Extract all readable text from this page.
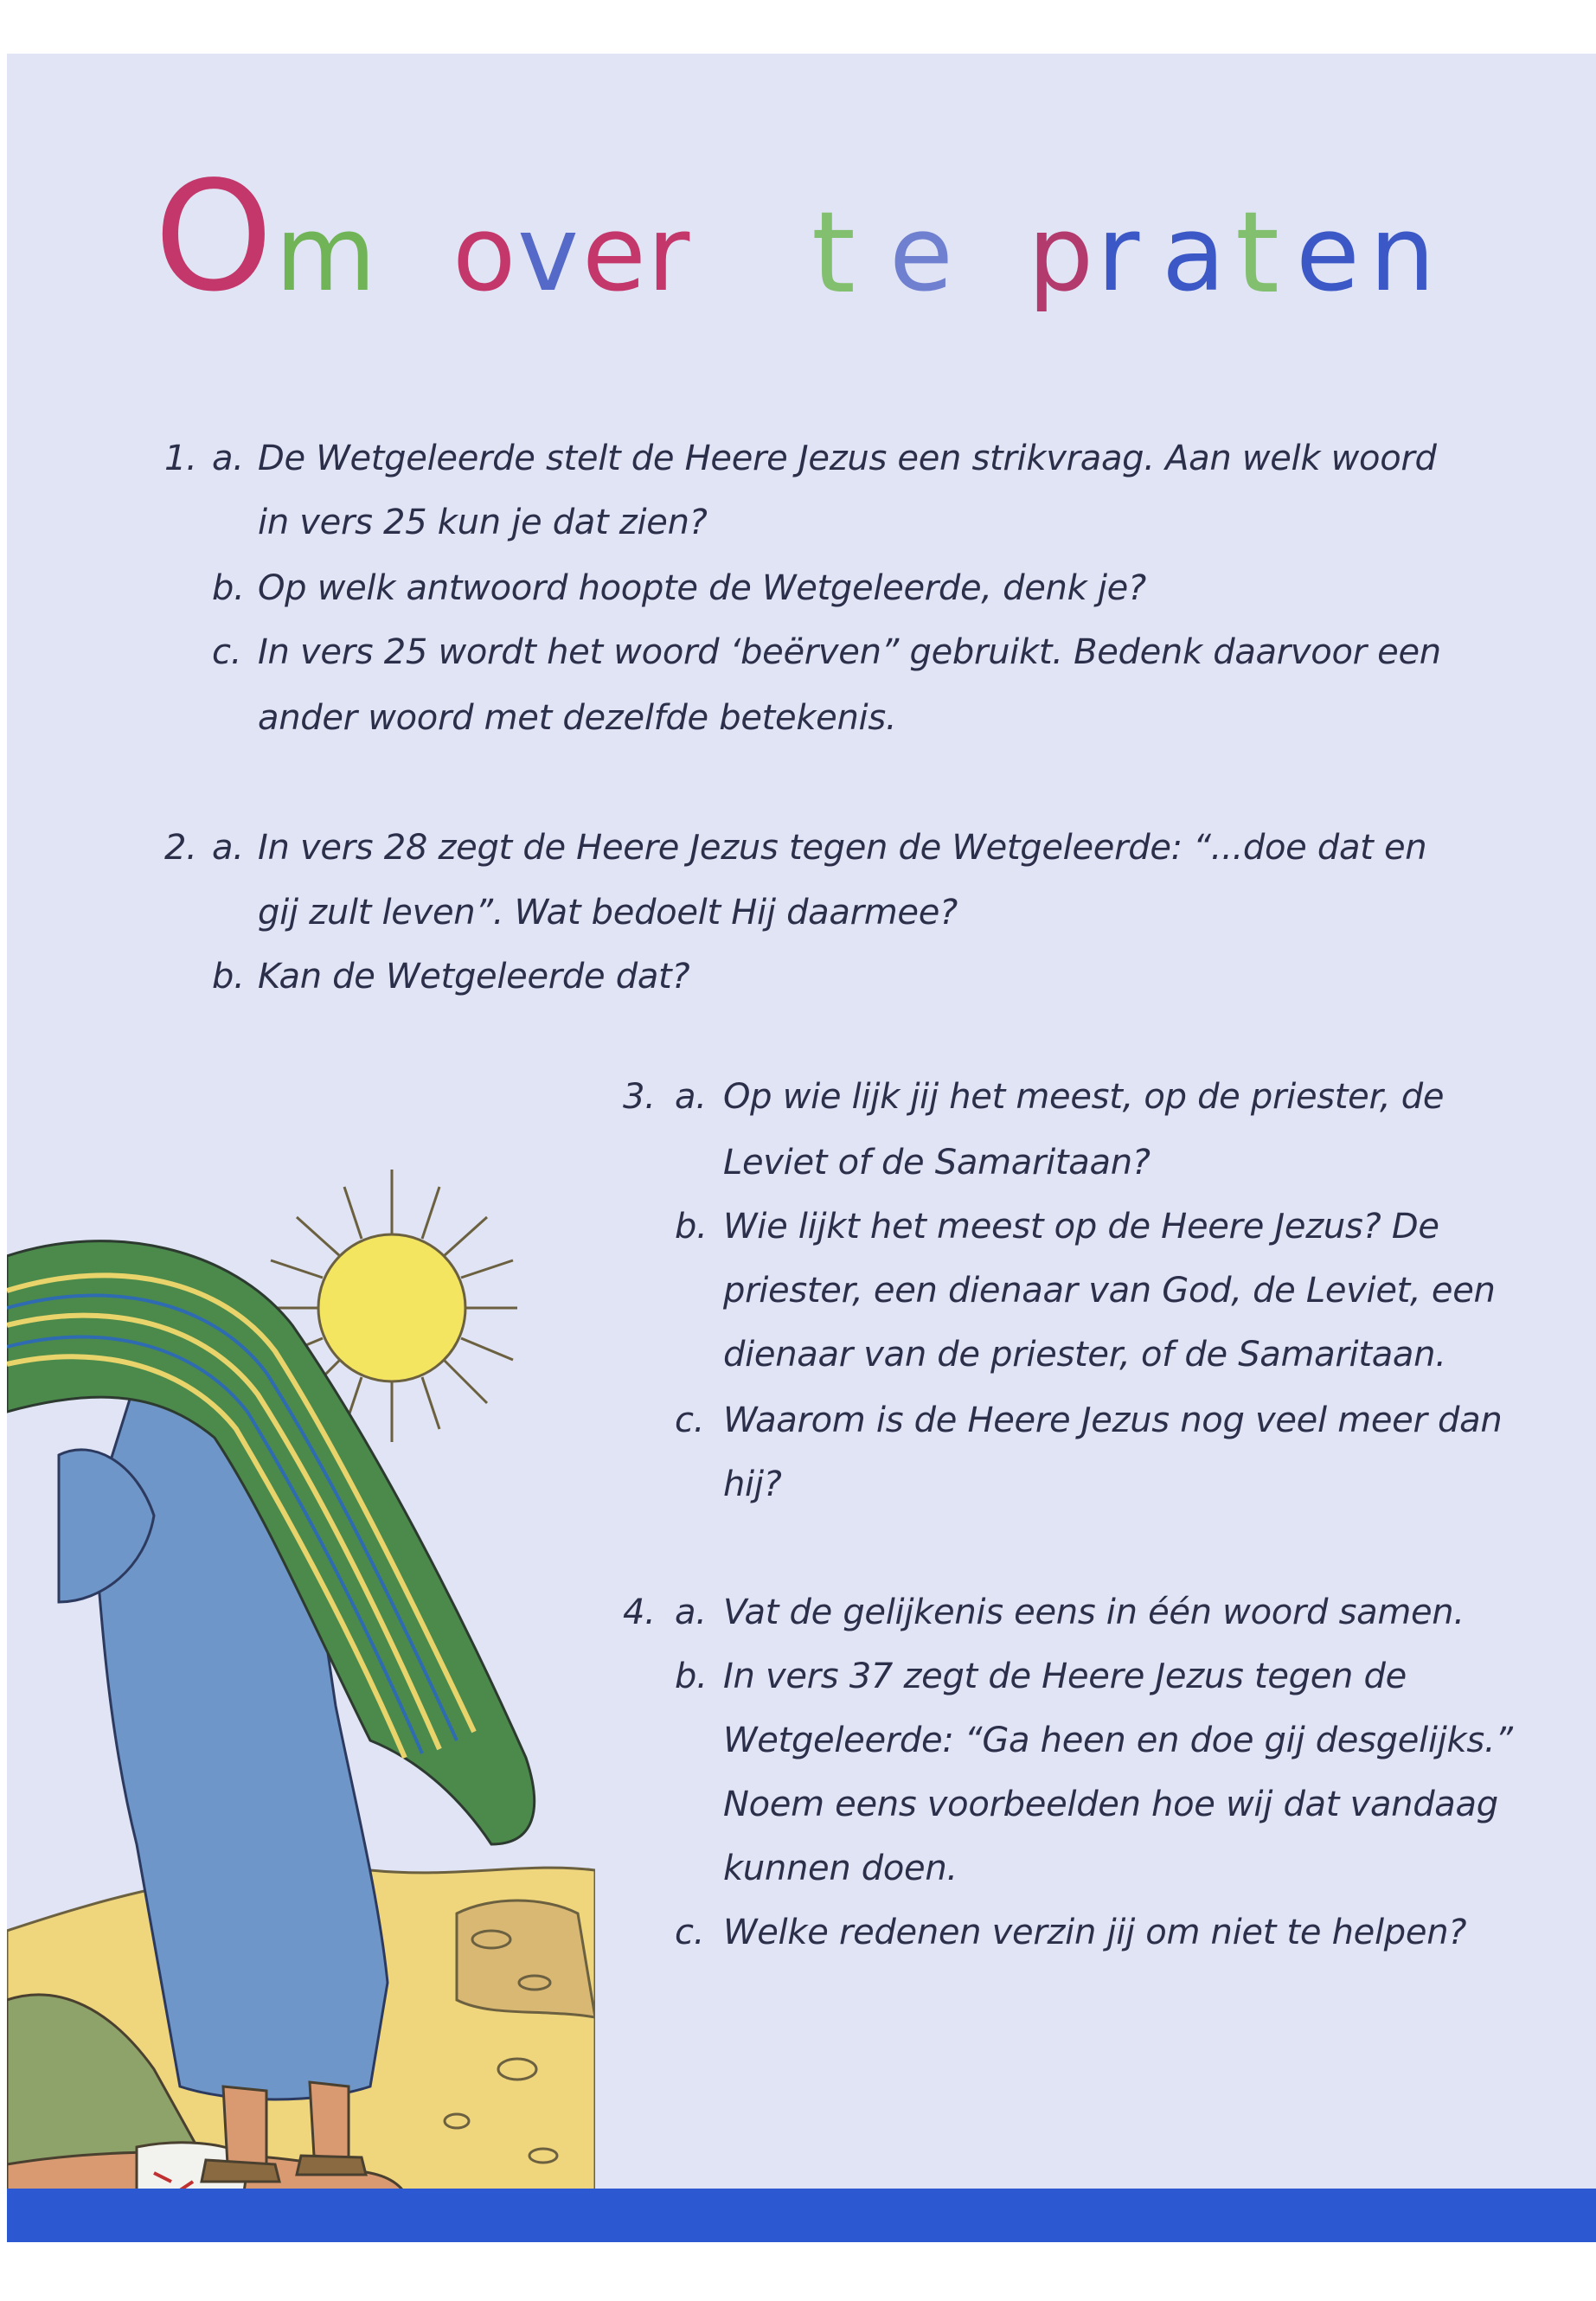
O m o v e r t e p r a t e n
1. a. De Wetgeleerde stelt de Heere Jezus een strikvraag. Aan welk woord
in vers 25 kun je dat zien?
b. Op welk antwoord hoopte de Wetgeleerde, denk je?
c. In vers 25 wordt het woord ‘beërven” gebruikt. Bedenk daarvoor een
ander woord met dezelfde betekenis.
2. a. In vers 28 zegt de Heere Jezus tegen de Wetgeleerde: “...doe dat en
gij zult leven”. Wat bedoelt Hij daarmee?
b. Kan de Wetgeleerde dat?
3. a. Op wie lijk jij het meest, op de priester, de
Leviet of de Samaritaan?
b. Wie lijkt het meest op de Heere Jezus? De
priester, een dienaar van God, de Leviet, een
dienaar van de priester, of de Samaritaan.
c. Waarom is de Heere Jezus nog veel meer dan
hij?
4. a. Vat de gelijkenis eens in één woord samen.
b. In vers 37 zegt de Heere Jezus tegen de
Wetgeleerde: “Ga heen en doe gij desgelijks.”
Noem eens voorbeelden hoe wij dat vandaag
kunnen doen.
c. Welke redenen verzin jij om niet te helpen?
